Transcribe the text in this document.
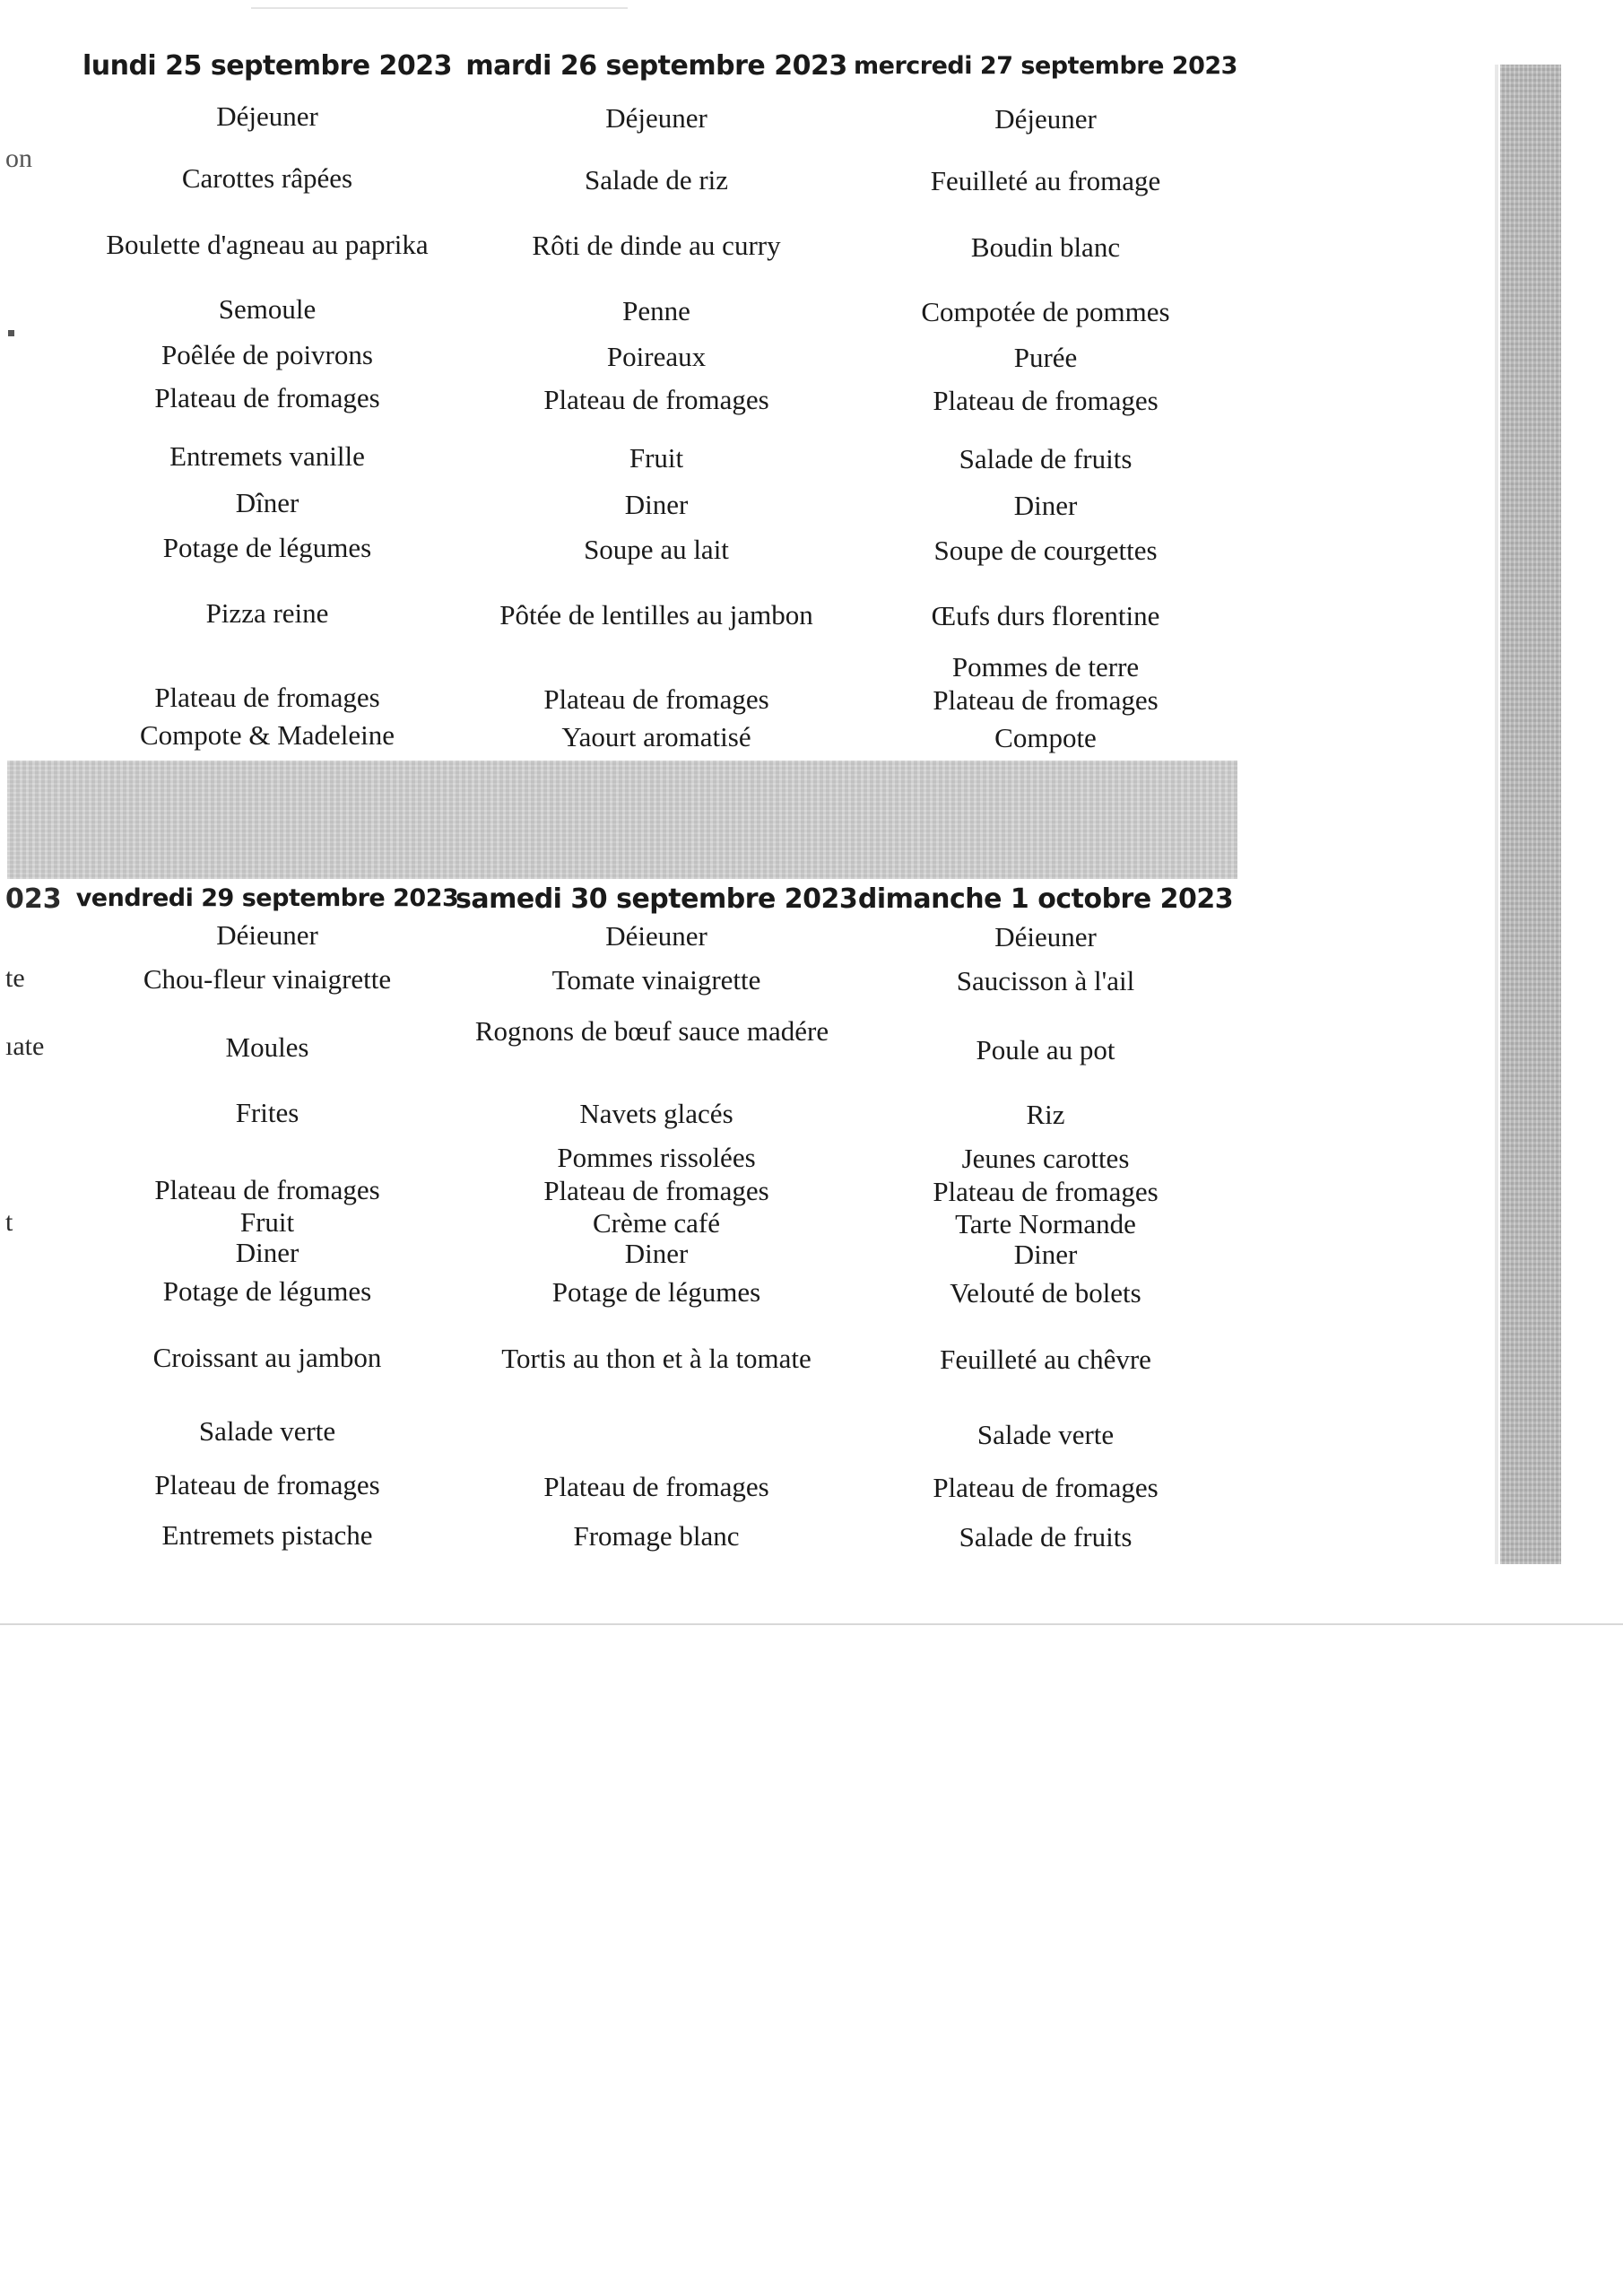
on
023
te
ıate
t
lundi 25 septembre 2023
Déjeuner
Carottes râpées
Boulette d'agneau au paprika
Semoule
Poêlée de poivrons
Plateau de fromages
Entremets vanille
Dîner
Potage de légumes
Pizza reine
Plateau de fromages
Compote & Madeleine
mardi 26 septembre 2023
Déjeuner
Salade de riz
Rôti de dinde au curry
Penne
Poireaux
Plateau de fromages
Fruit
Diner
Soupe au lait
Pôtée de lentilles au jambon
Plateau de fromages
Yaourt aromatisé
mercredi 27 septembre 2023
Déjeuner
Feuilleté au fromage
Boudin blanc
Compotée de pommes
Purée
Plateau de fromages
Salade de fruits
Diner
Soupe de courgettes
Œufs durs florentine
Pommes de terre
Plateau de fromages
Compote
vendredi 29 septembre 2023
Déieuner
Chou-fleur vinaigrette
Moules
Frites
Plateau de fromages
Fruit
Diner
Potage de légumes
Croissant au jambon
Salade verte
Plateau de fromages
Entremets pistache
samedi 30 septembre 2023
Déieuner
Tomate vinaigrette
Rognons de bœuf sauce madére
Navets glacés
Pommes rissolées
Plateau de fromages
Crème café
Diner
Potage de légumes
Tortis au thon et à la tomate
Plateau de fromages
Fromage blanc
dimanche 1 octobre 2023
Déieuner
Saucisson à l'ail
Poule au pot
Riz
Jeunes carottes
Plateau de fromages
Tarte Normande
Diner
Velouté de bolets
Feuilleté au chêvre
Salade verte
Plateau de fromages
Salade de fruits
